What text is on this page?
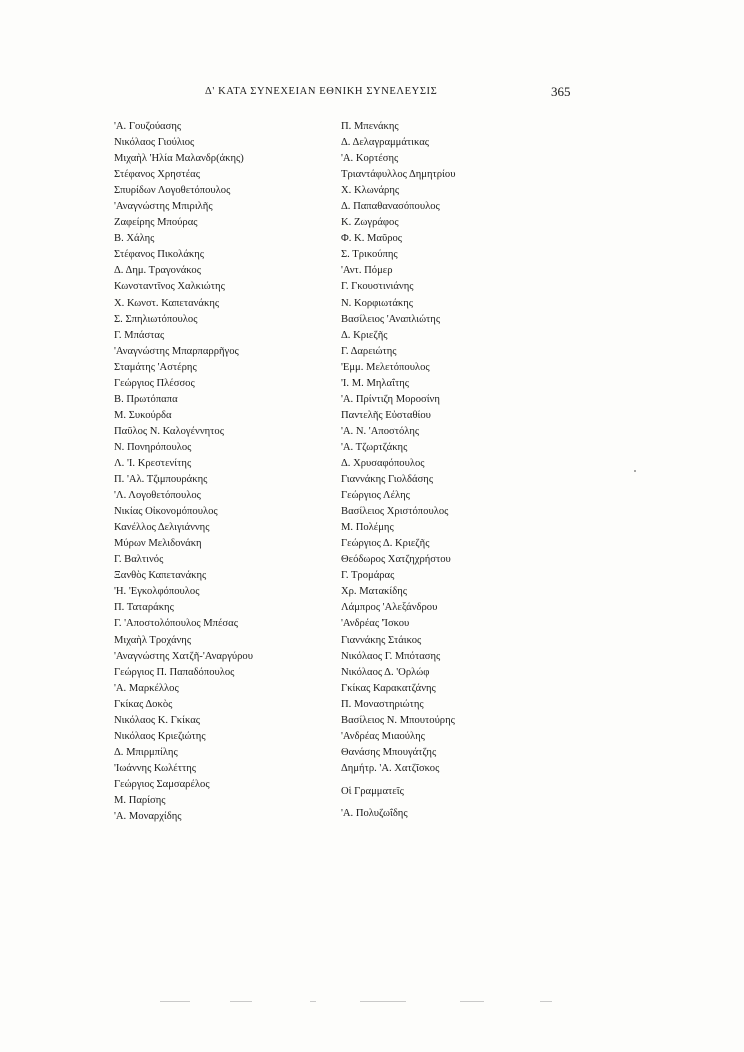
Δ' ΚΑΤΑ ΣΥΝΕΧΕΙΑΝ ΕΘΝΙΚΗ ΣΥΝΕΛΕΥΣΙΣ	365
'Α. Γουζούασης
Νικόλαος Γιούλιος
Μιχαὴλ 'Ηλία Μαλανδρ(άκης)
Στέφανος Χρηστέας
Σπυρίδων Λογοθετόπουλος
'Αναγνώστης Μπιριλῆς
Ζαφείρης Μπούρας
Β. Χάλης
Στέφανος Πικολάκης
Δ. Δημ. Τραγονάκος
Κωνσταντῖνος Χαλκιώτης
Χ. Κωνστ. Καπετανάκης
Σ. Σπηλιωτόπουλος
Γ. Μπάστας
'Αναγνώστης Μπαρπαρρῆγος
Σταμάτης 'Αστέρης
Γεώργιος Πλέσσος
Β. Πρωτόπαπα
Μ. Συκούρδα
Παῦλος Ν. Καλογέννητος
Ν. Πονηρόπουλος
Λ. 'Ι. Κρεστενίτης
Π. 'Αλ. Τζιμπουράκης
'Λ. Λογοθετόπουλος
Νικίας Οἰκονομόπουλος
Κανέλλος Δελιγιάννης
Μύρων Μελιδονάκη
Γ. Βαλτινός
Ξανθὸς Καπετανάκης
'Η. 'Εγκολφόπουλος
Π. Ταταράκης
Γ. 'Αποστολόπουλος Μπέσας
Μιχαὴλ Τροχάνης
'Αναγνώστης Χατζῆ-'Αναργύρου
Γεώργιος Π. Παπαδόπουλος
'Α. Μαρκέλλος
Γκίκας Δοκὸς
Νικόλαος Κ. Γκίκας
Νικόλαος Κριεζιώτης
Δ. Μπιρμπίλης
'Ιωάννης Κωλέττης
Γεώργιος Σαμσαρέλος
Μ. Παρίσης
'Α. Μοναρχίδης
Π. Μπενάκης
Δ. Δελαγραμμάτικας
'Α. Κορτέσης
Τριαντάφυλλος Δημητρίου
Χ. Κλωνάρης
Δ. Παπαθανασόπουλος
Κ. Ζωγράφος
Φ. Κ. Μαῦρος
Σ. Τρικούπης
'Αντ. Πόμερ
Γ. Γκουστινιάνης
Ν. Κορφιωτάκης
Βασίλειος 'Αναπλιώτης
Δ. Κριεζῆς
Γ. Δαρειώτης
'Εμμ. Μελετόπουλος
'Ι. Μ. Μηλαΐτης
'Α. Πρίντιζη Μοροσίνη
Παντελῆς Εὐσταθίου
'Α. Ν. 'Αποστόλης
'Α. Τζωρτζάκης
Δ. Χρυσαφόπουλος
Γιαννάκης Γιολδάσης
Γεώργιος Λέλης
Βασίλειος Χριστόπουλος
Μ. Πολέμης
Γεώργιος Δ. Κριεζῆς
Θεόδωρος Χατζηχρήστου
Γ. Τρομάρας
Χρ. Ματακίδης
Λάμπρος 'Αλεξάνδρου
'Ανδρέας 'Ίσκου
Γιαννάκης Στάικος
Νικόλαος Γ. Μπότασης
Νικόλαος Δ. 'Ορλώφ
Γκίκας Καρακατζάνης
Π. Μοναστηριώτης
Βασίλειος Ν. Μπουτούρης
'Ανδρέας Μιαούλης
Θανάσης Μπουγάτζης
Δημήτρ. 'Α. Χατζῖσκος
Οἱ Γραμματεῖς
'Α. Πολυζωΐδης
